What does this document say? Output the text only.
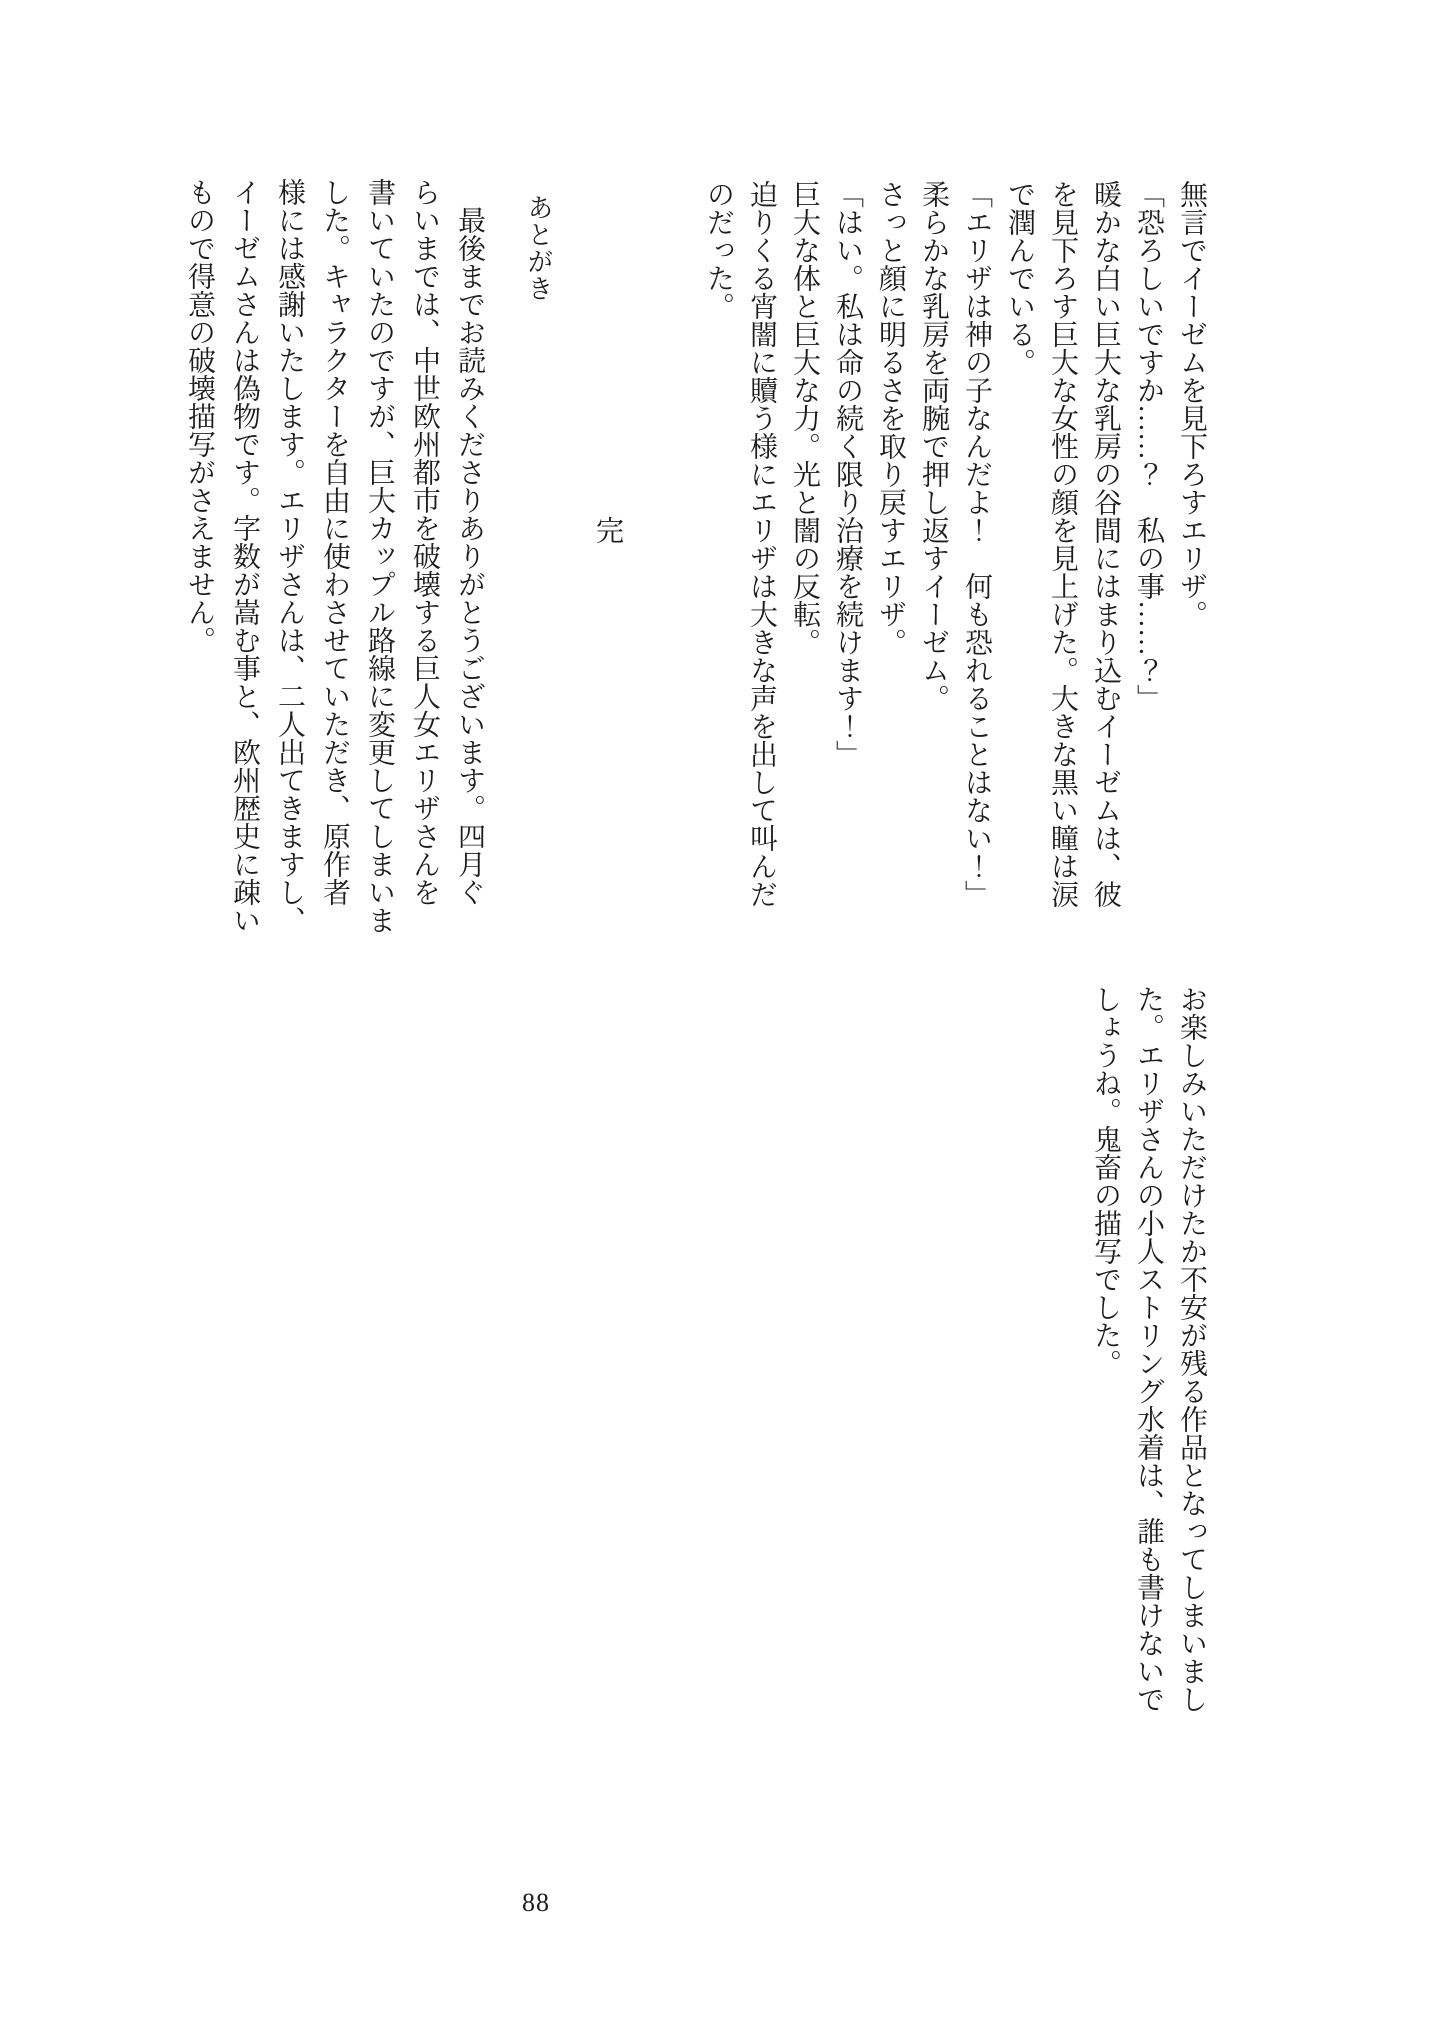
無言でイーゼムを見下ろすエリザ。

「恐ろしいですか……？　私の事……？」

暖かな白い巨大な乳房の谷間にはまり込むイーゼムは、彼

を見下ろす巨大な女性の顔を見上げた。大きな黒い瞳は涙

で潤んでいる。

「エリザは神の子なんだよ！　何も恐れることはない！」

柔らかな乳房を両腕で押し返すイーゼム。

さっと顔に明るさを取り戻すエリザ。

「はい。私は命の続く限り治療を続けます！」

巨大な体と巨大な力。光と闇の反転。

迫りくる宵闇に贖う様にエリザは大きな声を出して叫んだ

のだった。

完
あとがき

　最後までお読みくださりありがとうございます。四月ぐ

らいまでは、中世欧州都市を破壊する巨人女エリザさんを

書いていたのですが、巨大カップル路線に変更してしまいま

した。キャラクターを自由に使わさせていただき、原作者

様には感謝いたします。エリザさんは、二人出てきますし、

イーゼムさんは偽物です。字数が嵩む事と、欧州歴史に疎い

もので得意の破壊描写がさえません。

お楽しみいただけたか不安が残る作品となってしまいまし

た。エリザさんの小人ストリング水着は、誰も書けないで

しょうね。鬼畜の描写でした。

88
